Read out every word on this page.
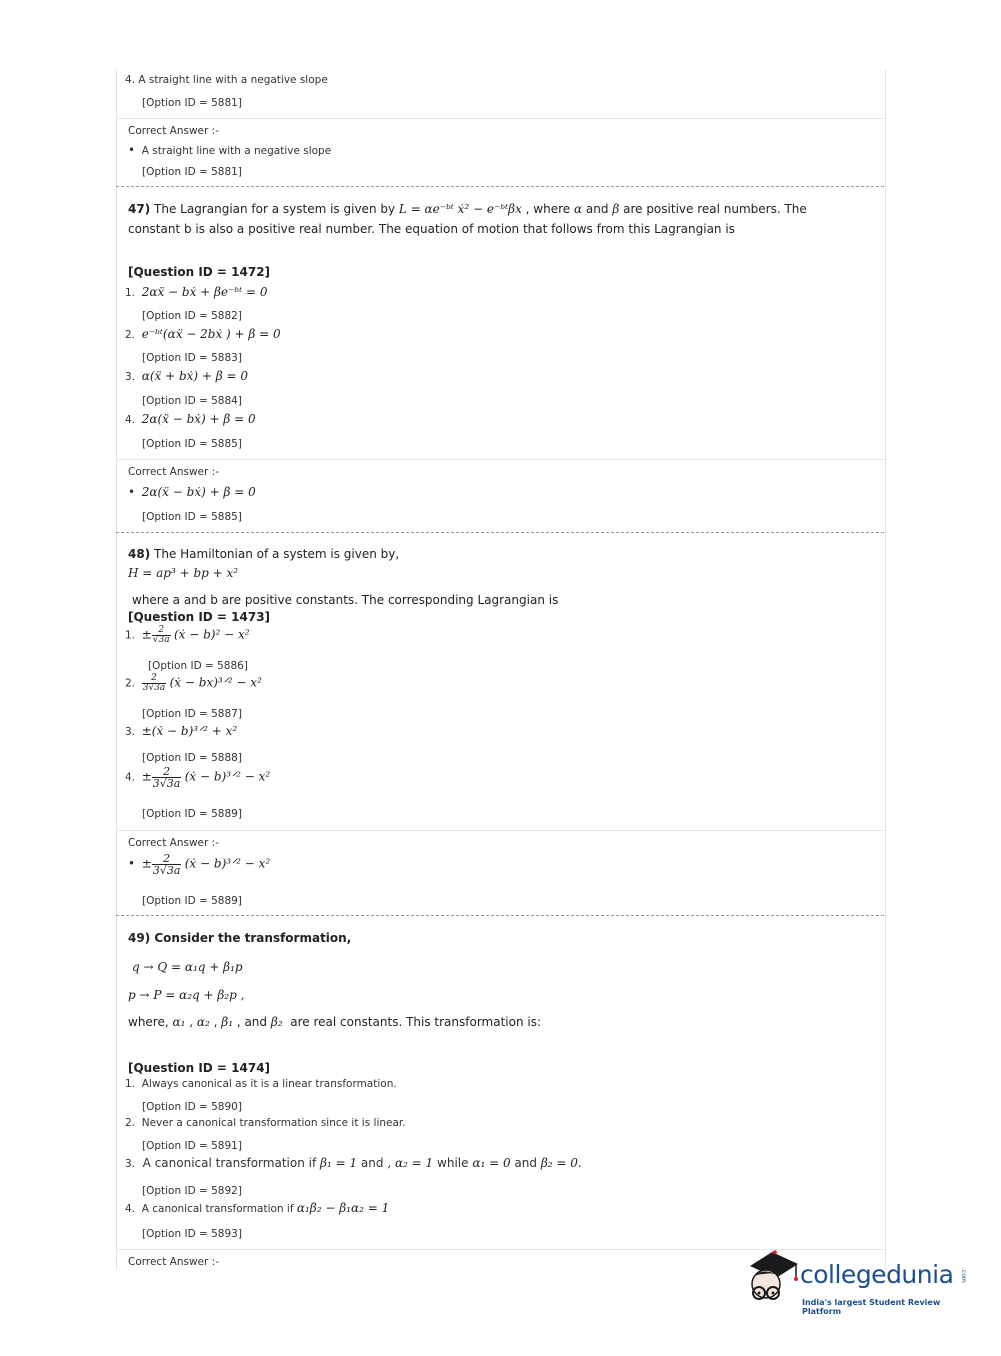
4. A straight line with a negative slope
[Option ID = 5881]
Correct Answer :-
• A straight line with a negative slope
[Option ID = 5881]
47) The Lagrangian for a system is given by L = αe⁻ᵇᵗ ẋ² − e⁻ᵇᵗβx , where α and β are positive real numbers. The
constant b is also a positive real number. The equation of motion that follows from this Lagrangian is
[Question ID = 1472]
1. 2αẍ − bẋ + βe⁻ᵇᵗ = 0
[Option ID = 5882]
2. e⁻ᵇᵗ(αẍ − 2bẋ ) + β = 0
[Option ID = 5883]
3. α(ẍ + bẋ) + β = 0
[Option ID = 5884]
4. 2α(ẍ − bẋ) + β = 0
[Option ID = 5885]
Correct Answer :-
• 2α(ẍ − bẋ) + β = 0
[Option ID = 5885]
48) The Hamiltonian of a system is given by,
H = ap³ + bp + x²
where a and b are positive constants. The corresponding Lagrangian is
[Question ID = 1473]
1. ± $\frac{2}{√3a}$ (ẋ − b)² − x²
[Option ID = 5886]
2. $\frac{2}{3√3a}$ (ẋ − bx)³ᐟ² − x²
[Option ID = 5887]
3. ±(ẋ − b)³ᐟ² + x²
[Option ID = 5888]
4. ± $\frac{2}{3√3a}$ (ẋ − b)³ᐟ² − x²
[Option ID = 5889]
Correct Answer :-
• ± $\frac{2}{3√3a}$ (ẋ − b)³ᐟ² − x²
[Option ID = 5889]
49) Consider the transformation,
q → Q = α₁q + β₁p
p → P = α₂q + β₂p ,
where, α₁ , α₂ , β₁ , and β₂ are real constants. This transformation is:
[Question ID = 1474]
1. Always canonical as it is a linear transformation.
[Option ID = 5890]
2. Never a canonical transformation since it is linear.
[Option ID = 5891]
3. A canonical transformation if β₁ = 1 and , α₂ = 1 while α₁ = 0 and β₂ = 0.
[Option ID = 5892]
4. A canonical transformation if α₁β₂ − β₁α₂ = 1
[Option ID = 5893]
Correct Answer :-	collegedunia .com
India's largest Student Review Platform
